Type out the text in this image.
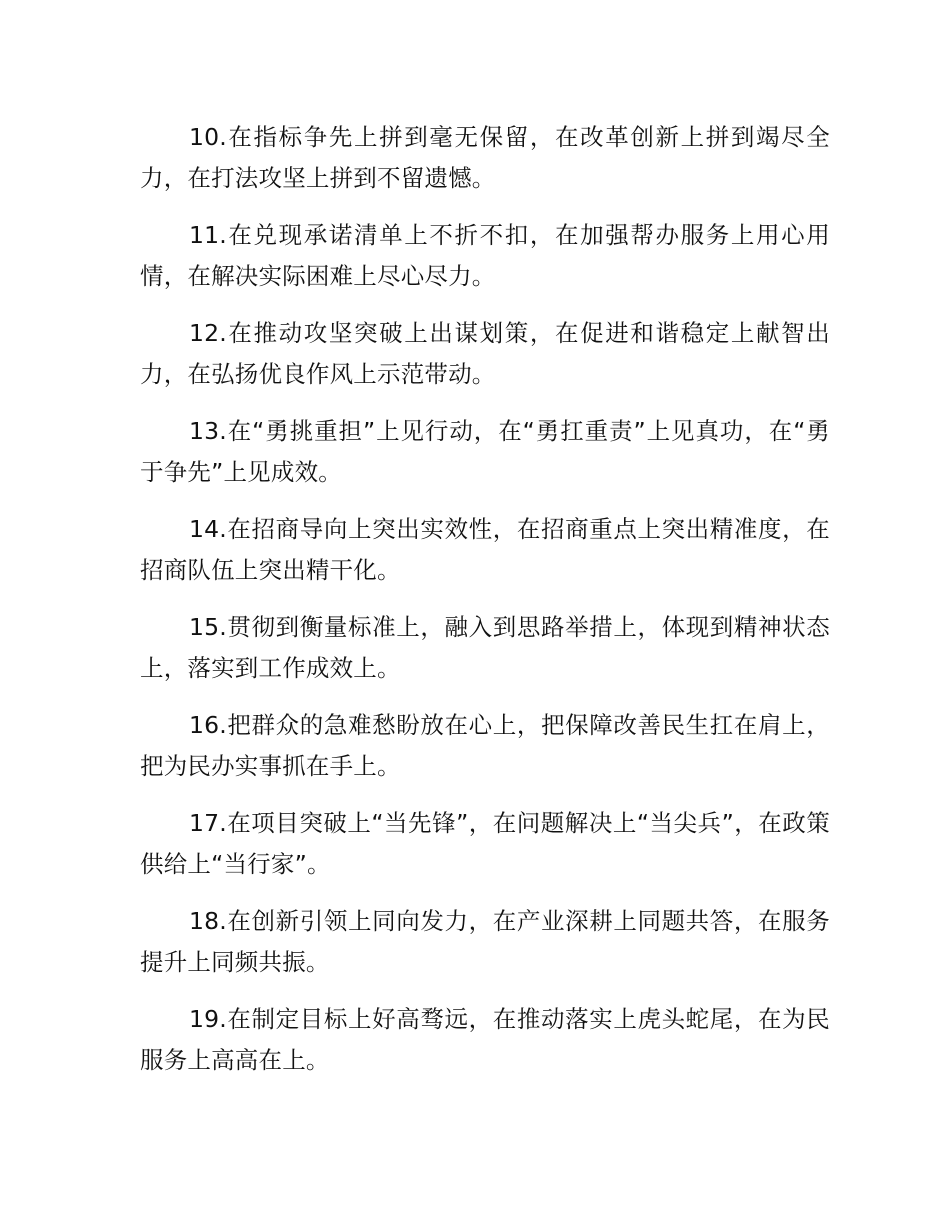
10.在指标争先上拼到毫无保留，在改革创新上拼到竭尽全力，在打法攻坚上拼到不留遗憾。

11.在兑现承诺清单上不折不扣，在加强帮办服务上用心用情，在解决实际困难上尽心尽力。

12.在推动攻坚突破上出谋划策，在促进和谐稳定上献智出力，在弘扬优良作风上示范带动。

13.在“勇挑重担”上见行动，在“勇扛重责”上见真功，在“勇于争先”上见成效。

14.在招商导向上突出实效性，在招商重点上突出精准度，在招商队伍上突出精干化。

15.贯彻到衡量标准上，融入到思路举措上，体现到精神状态上，落实到工作成效上。

16.把群众的急难愁盼放在心上，把保障改善民生扛在肩上，把为民办实事抓在手上。

17.在项目突破上“当先锋”，在问题解决上“当尖兵”，在政策供给上“当行家”。

18.在创新引领上同向发力，在产业深耕上同题共答，在服务提升上同频共振。

19.在制定目标上好高骛远，在推动落实上虎头蛇尾，在为民服务上高高在上。
